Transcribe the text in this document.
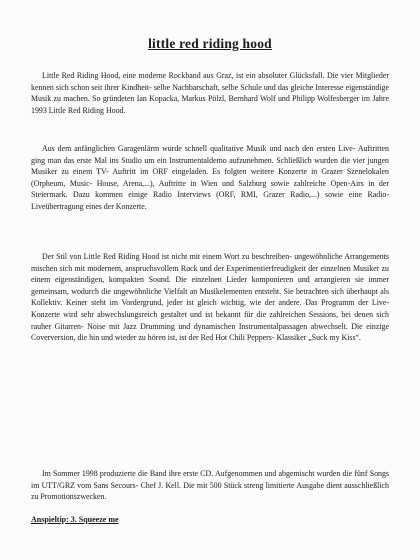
little red riding hood

Little Red Riding Hood, eine moderne Rockband aus Graz, ist ein absoluter Glücksfall. Die vier Mitglieder kennen sich schon seit ihrer Kindheit- selbe Nachbarschaft, selbe Schule und das gleiche Interesse eigenständige Musik zu machen. So gründeten Ian Kopacka, Markus Pölzl, Bernhard Wolf und Philipp Wolfesberger im Jahre 1993 Little Red Riding Hood.

Aus dem anfänglichen Garagenlärm wurde schnell qualitative Musik und nach den ersten Live- Auftritten ging man das erste Mal ins Studio um ein Instrumentaldemo aufzunehmen. Schließlich wurden die vier jungen Musiker zu einem TV- Auftritt im ORF eingeladen. Es folgten weitere Konzerte in Grazer Szenelokalen (Orpheum, Music- House, Arena,...), Auftritte in Wien und Salzburg sowie zahlreiche Open-Airs in der Steiermark. Dazu kommen einige Radio Interviews (ORF, RMI, Grazer Radio,...) sowie eine Radio- Liveübertragung eines der Konzerte.

Der Stil von Little Red Riding Hood ist nicht mit einem Wort zu beschreiben- ungewöhnliche Arrangements mischen sich mit modernem, anspruchsvollem Rock und der Experimentierfreudigkeit der einzelnen Musiker zu einem eigenständigen, kompakten Sound. Die einzelnen Lieder komponieren und arrangieren sie immer gemeinsam, wodurch die ungewöhnliche Vielfalt an Musikelementen entsteht. Sie betrachten sich überhaupt als Kollektiv. Keiner steht im Vordergrund, jeder ist gleich wichtig, wie der andere. Das Programm der Live- Konzerte wird sehr abwechslungsreich gestaltet und ist bekannt für die zahlreichen Sessions, bei denen sich rauher Gitarren- Noise mit Jazz Drumming und dynamischen Instrumentalpassagen abwechselt. Die einzige Coverversion, die hin und wieder zu hören ist, ist der Red Hot Chili Peppers- Klassiker „Suck my Kiss“.

Im Sommer 1998 produzierte die Band ihre erste CD. Aufgenommen und abgemischt wurden die fünf Songs im UTT/GRZ vom Sans Secours- Chef J. Kell. Die mit 500 Stück streng limitierte Ausgabe dient ausschließlich zu Promotionszwecken.

Anspieltip: 3. Squeeze me
